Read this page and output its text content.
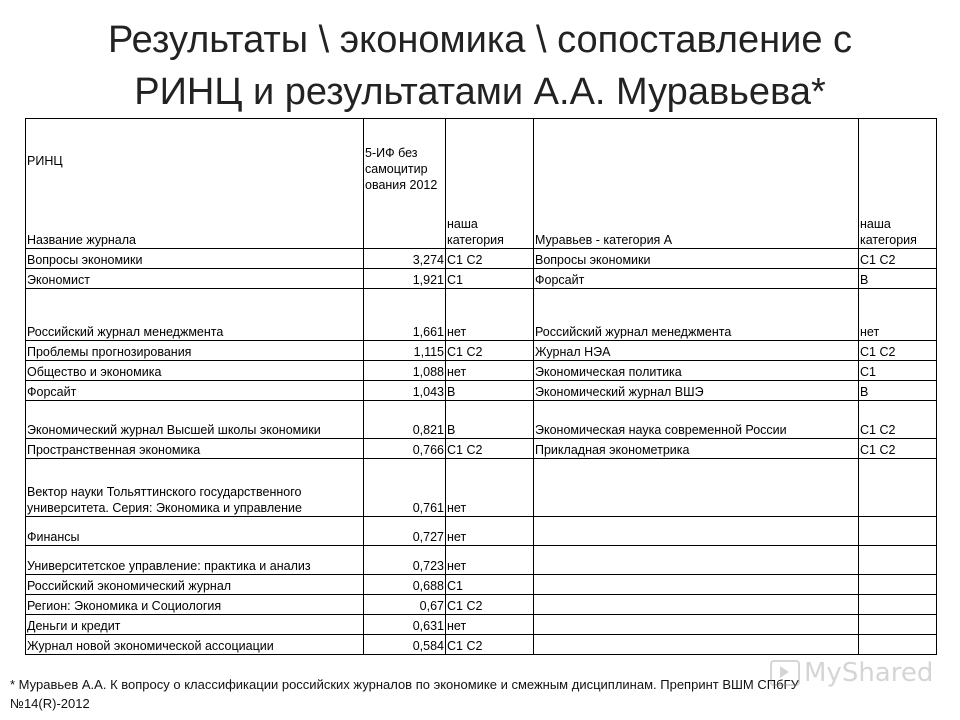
Результаты \ экономика \ сопоставление с
РИНЦ и результатами А.А. Муравьева*
РИНЦ
Название журнала	5-ИФ без самоцитир ования 2012	наша категория	Муравьев - категория А	наша категория
Вопросы экономики	3,274	С1 С2	Вопросы экономики	С1 С2
Экономист	1,921	С1	Форсайт	В
Российский журнал менеджмента	1,661	нет	Российский журнал менеджмента	нет
Проблемы прогнозирования	1,115	С1 С2	Журнал НЭА	С1 С2
Общество и экономика	1,088	нет	Экономическая политика	С1
Форсайт	1,043	В	Экономический журнал ВШЭ	В
Экономический журнал Высшей школы экономики	0,821	В	Экономическая наука современной России	С1 С2
Пространственная экономика	0,766	С1 С2	Прикладная эконометрика	С1 С2
Вектор науки Тольяттинского государственного университета. Серия: Экономика и управление	0,761	нет		
Финансы	0,727	нет		
Университетское управление: практика и анализ	0,723	нет		
Российский экономический журнал	0,688	С1		
Регион: Экономика и Социология	0,67	С1 С2		
Деньги и кредит	0,631	нет		
Журнал новой экономической ассоциации	0,584	С1 С2		
* Муравьев А.А. К вопросу о классификации российских журналов по экономике и смежным дисциплинам. Препринт ВШМ СПбГУ
№14(R)-2012
MyShared
